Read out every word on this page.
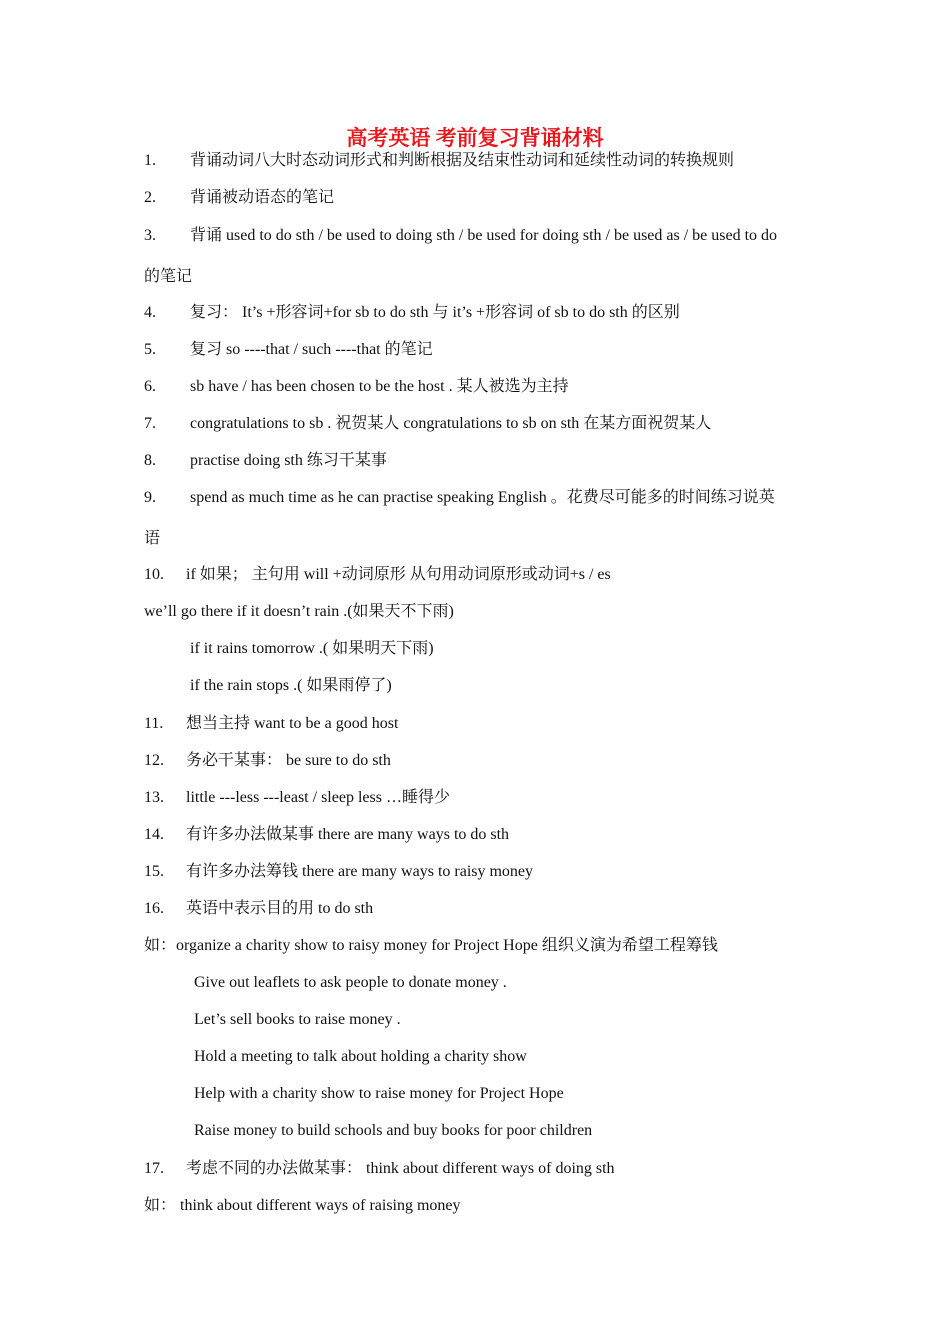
高考英语 考前复习背诵材料
1. 背诵动词八大时态动词形式和判断根据及结束性动词和延续性动词的转换规则
2. 背诵被动语态的笔记
3. 背诵 used to do sth / be used to doing sth / be used for doing sth / be used as / be used to do
的笔记
4. 复习： It’s +形容词+for sb to do sth 与 it’s +形容词 of sb to do sth 的区别
5. 复习 so ----that / such ----that 的笔记
6. sb have / has been chosen to be the host . 某人被选为主持
7. congratulations to sb . 祝贺某人 congratulations to sb on sth 在某方面祝贺某人
8. practise doing sth 练习干某事
9. spend as much time as he can practise speaking English 。花费尽可能多的时间练习说英
语
10. if 如果； 主句用 will +动词原形 从句用动词原形或动词+s / es
we’ll go there if it doesn’t rain .(如果天不下雨)
if it rains tomorrow .( 如果明天下雨)
if the rain stops .( 如果雨停了)
11. 想当主持 want to be a good host
12. 务必干某事： be sure to do sth
13. little ---less ---least / sleep less …睡得少
14. 有许多办法做某事 there are many ways to do sth
15. 有许多办法筹钱 there are many ways to raisy money
16. 英语中表示目的用 to do sth
如：organize a charity show to raisy money for Project Hope 组织义演为希望工程筹钱
Give out leaflets to ask people to donate money .
Let’s sell books to raise money .
Hold a meeting to talk about holding a charity show
Help with a charity show to raise money for Project Hope
Raise money to build schools and buy books for poor children
17. 考虑不同的办法做某事： think about different ways of doing sth
如： think about different ways of raising money
